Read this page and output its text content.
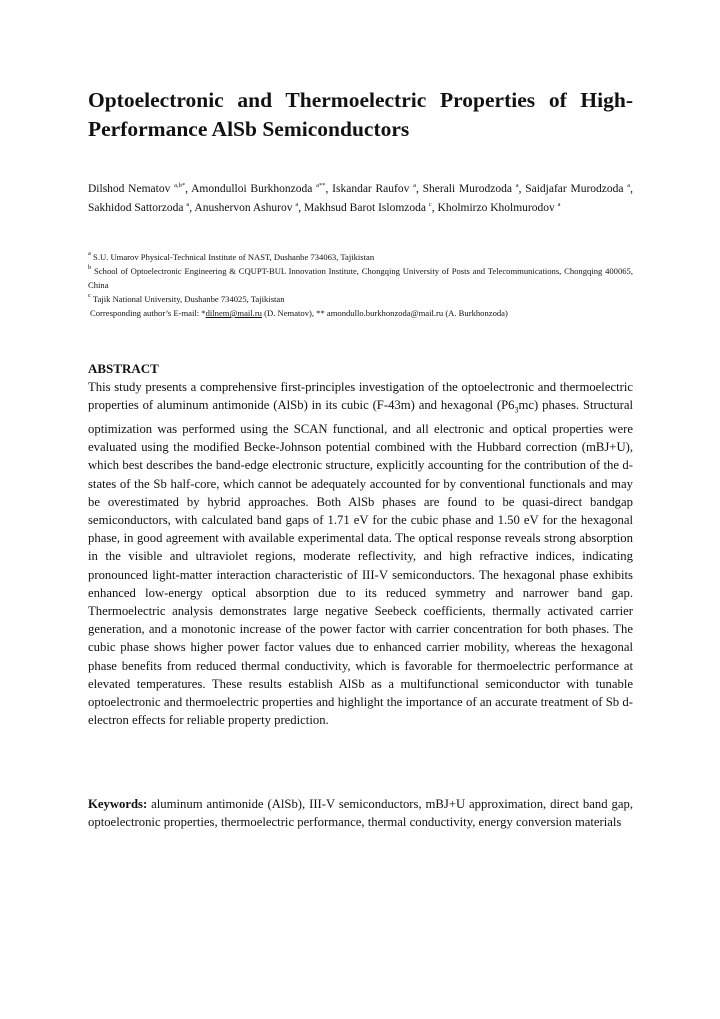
Optoelectronic and Thermoelectric Properties of High-Performance AlSb Semiconductors

Dilshod Nematov $^{a,b*}$, Amondulloi Burkhonzoda $^{a**}$, Iskandar Raufov $^a$, Sherali Murodzoda $^a$, Saidjafar Murodzoda $^a$, Sakhidod Sattorzoda $^a$, Anushervon Ashurov $^a$, Makhsud Barot Islomzoda $^c$, Kholmirzo Kholmurodov $^a$

$^a$ S.U. Umarov Physical-Technical Institute of NAST, Dushanbe 734063, Tajikistan

$^b$ School of Optoelectronic Engineering & CQUPT-BUL Innovation Institute, Chongqing University of Posts and Telecommunications, Chongqing 400065, China

$^c$ Tajik National University, Dushanbe 734025, Tajikistan

Corresponding author’s E-mail: *dilnem@mail.ru (D. Nematov), ** amondullo.burkhonzoda@mail.ru (A. Burkhonzoda)

ABSTRACT

This study presents a comprehensive first-principles investigation of the optoelectronic and thermoelectric properties of aluminum antimonide (AlSb) in its cubic (F-43m) and hexagonal $(P6_3mc)$ phases. Structural optimization was performed using the SCAN functional, and all electronic and optical properties were evaluated using the modified Becke-Johnson potential combined with the Hubbard correction (mBJ+U), which best describes the band-edge electronic structure, explicitly accounting for the contribution of the d-states of the Sb half-core, which cannot be adequately accounted for by conventional functionals and may be overestimated by hybrid approaches. Both AlSb phases are found to be quasi-direct bandgap semiconductors, with calculated band gaps of 1.71 eV for the cubic phase and 1.50 eV for the hexagonal phase, in good agreement with available experimental data. The optical response reveals strong absorption in the visible and ultraviolet regions, moderate reflectivity, and high refractive indices, indicating pronounced light-matter interaction characteristic of III-V semiconductors. The hexagonal phase exhibits enhanced low-energy optical absorption due to its reduced symmetry and narrower band gap. Thermoelectric analysis demonstrates large negative Seebeck coefficients, thermally activated carrier generation, and a monotonic increase of the power factor with carrier concentration for both phases. The cubic phase shows higher power factor values due to enhanced carrier mobility, whereas the hexagonal phase benefits from reduced thermal conductivity, which is favorable for thermoelectric performance at elevated temperatures. These results establish AlSb as a multifunctional semiconductor with tunable optoelectronic and thermoelectric properties and highlight the importance of an accurate treatment of Sb d-electron effects for reliable property prediction.

Keywords: aluminum antimonide (AlSb), III-V semiconductors, mBJ+U approximation, direct band gap, optoelectronic properties, thermoelectric performance, thermal conductivity, energy conversion materials
